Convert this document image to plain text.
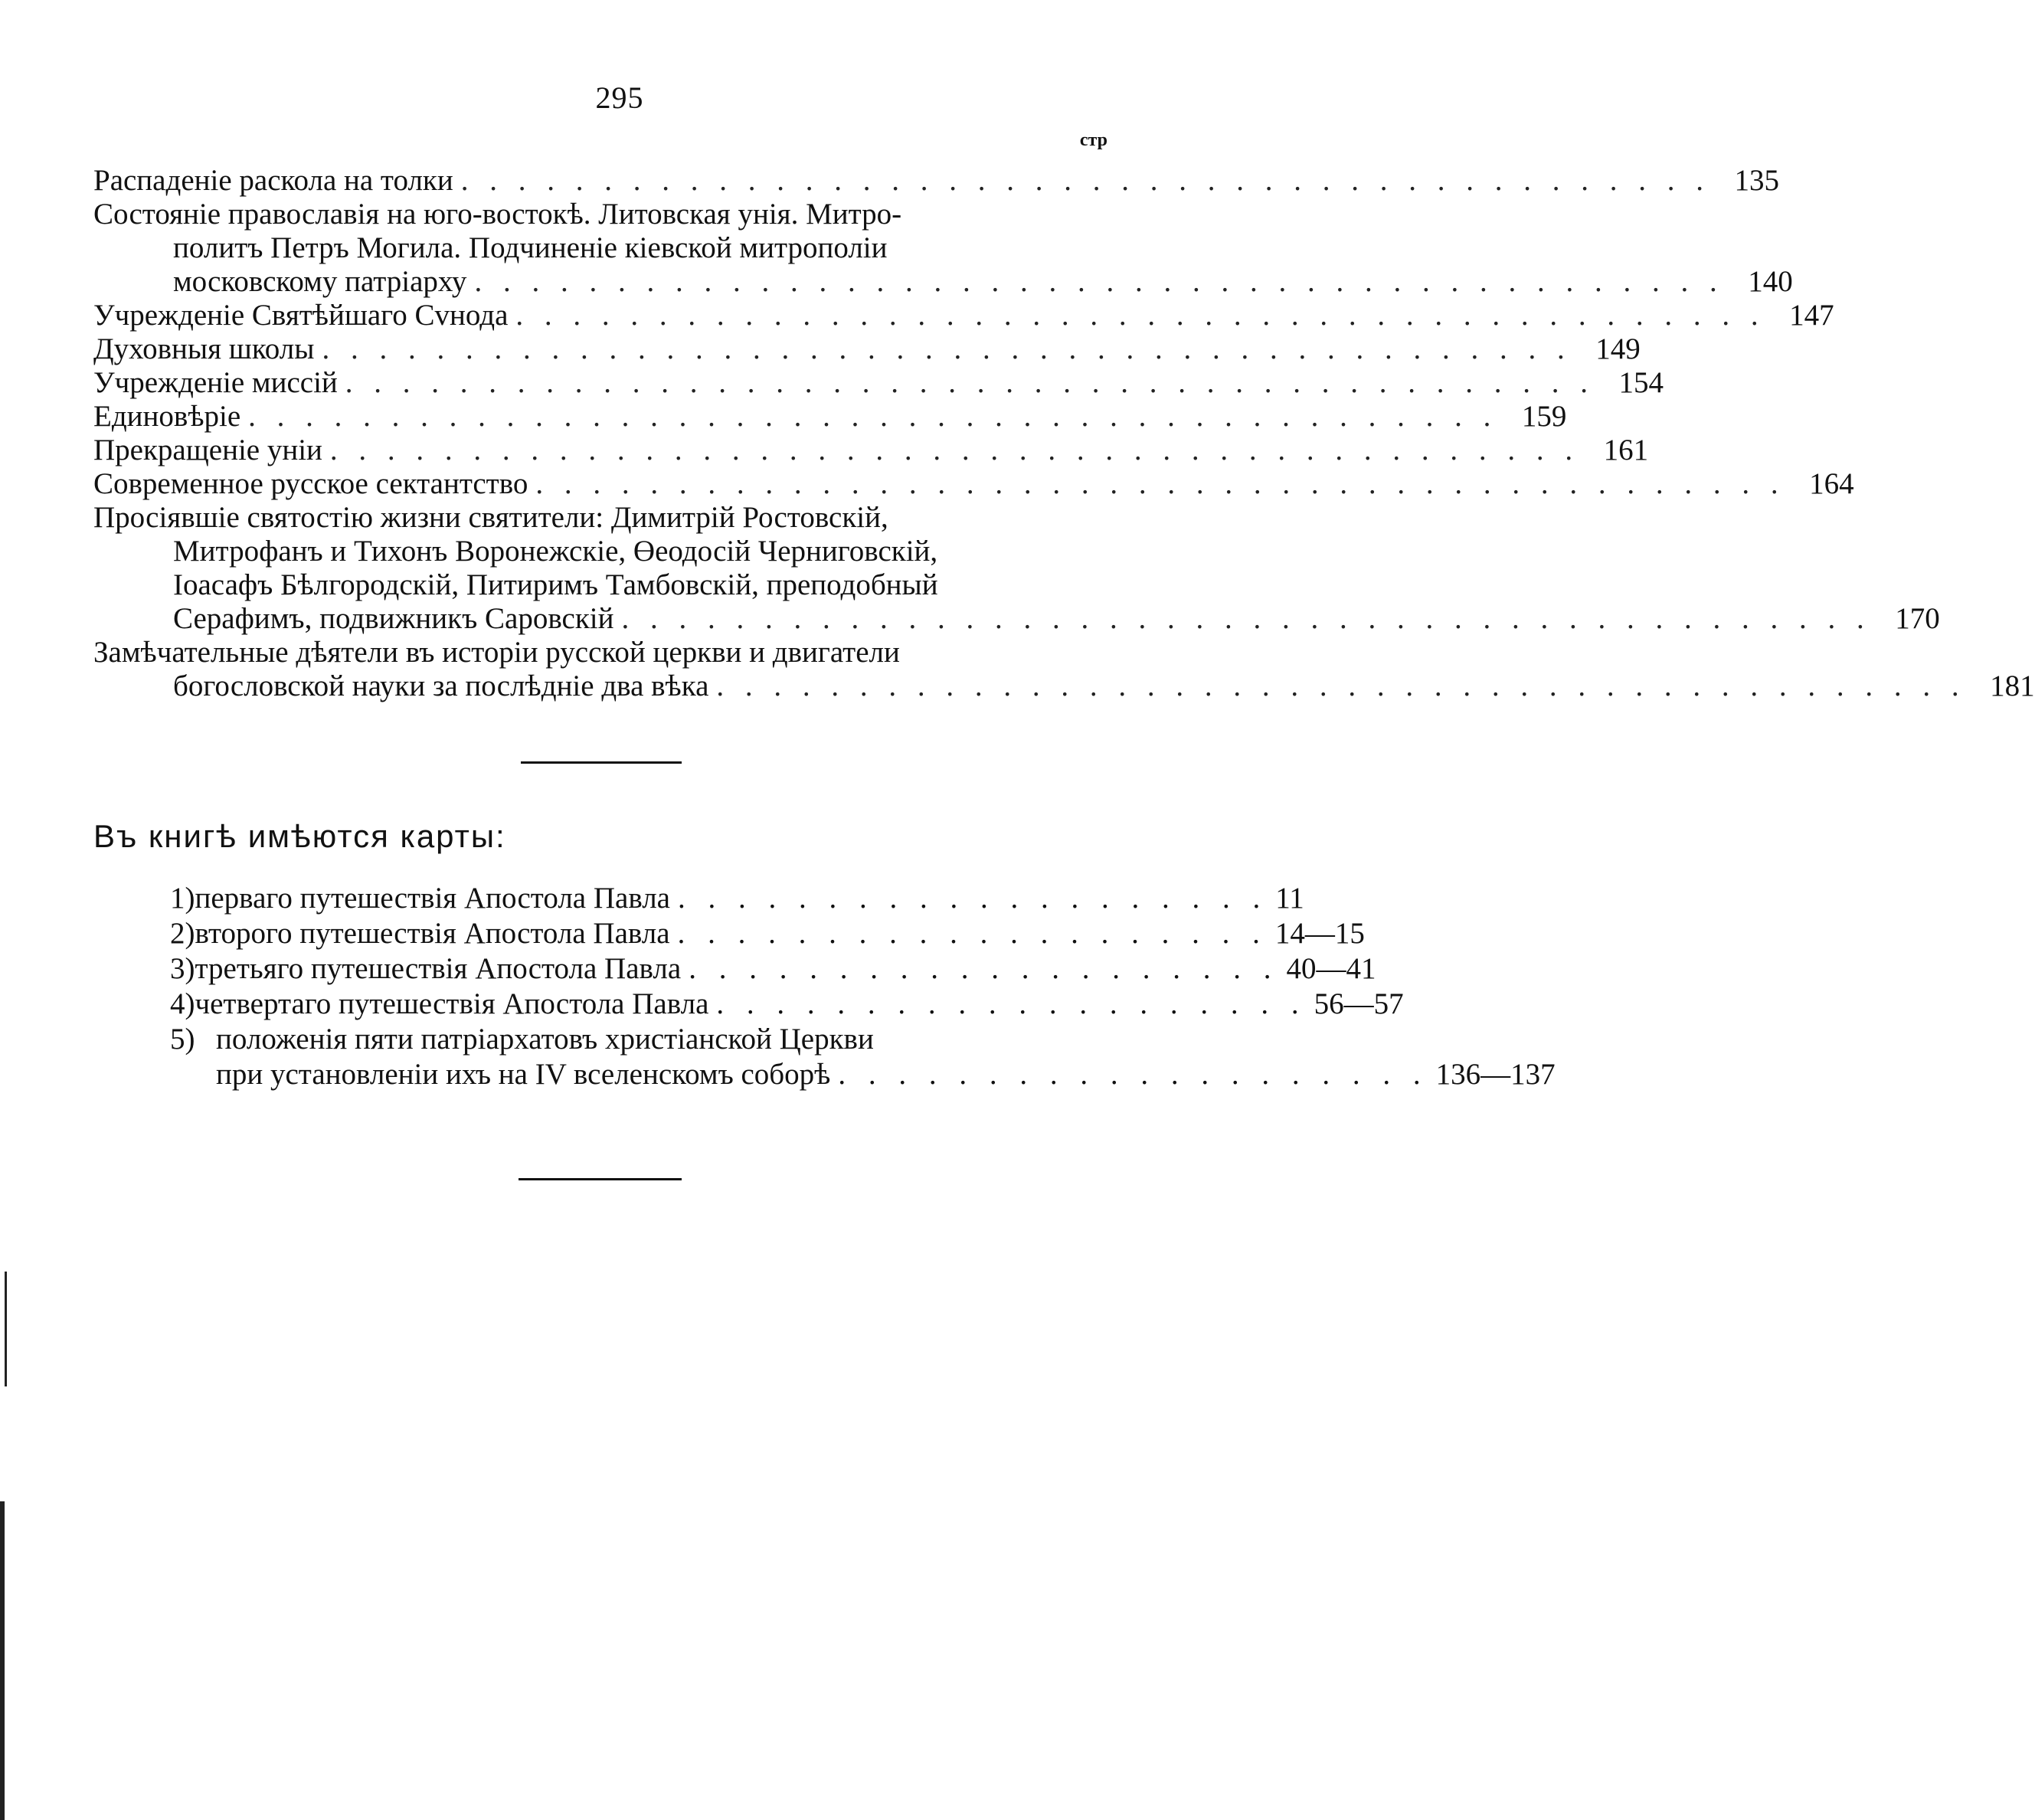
295
стр
Распаденіе раскола на толки . . . . . . . . . . . . . . . . . . . . . . . . . . . . . . . . . . . . . . . . . . . . 135
Состояніе православія на юго-востокѣ. Литовская унія. Митро-
политъ Петръ Могила. Подчиненіе кіевской митрополіи
московскому патріарху . . . . . . . . . . . . . . . . . . . . . . . . . . . . . . . . . . . . . . . . . . . . 140
Учрежденіе Святѣйшаго Сvнода . . . . . . . . . . . . . . . . . . . . . . . . . . . . . . . . . . . . . . . . . . . . 147
Духовныя школы . . . . . . . . . . . . . . . . . . . . . . . . . . . . . . . . . . . . . . . . . . . . 149
Учрежденіе миссій . . . . . . . . . . . . . . . . . . . . . . . . . . . . . . . . . . . . . . . . . . . . 154
Единовѣріе . . . . . . . . . . . . . . . . . . . . . . . . . . . . . . . . . . . . . . . . . . . . 159
Прекращеніе уніи . . . . . . . . . . . . . . . . . . . . . . . . . . . . . . . . . . . . . . . . . . . . 161
Современное русское сектантство . . . . . . . . . . . . . . . . . . . . . . . . . . . . . . . . . . . . . . . . . . . . 164
Просіявшіе святостію жизни святители: Димитрій Ростовскій,
Митрофанъ и Тихонъ Воронежскіе, Өеодосій Черниговскій,
Іоасафъ Бѣлгородскій, Питиримъ Тамбовскій, преподобный
Серафимъ, подвижникъ Саровскій . . . . . . . . . . . . . . . . . . . . . . . . . . . . . . . . . . . . . . . . . . . . 170
Замѣчательные дѣятели въ исторіи русской церкви и двигатели
богословской науки за послѣдніе два вѣка . . . . . . . . . . . . . . . . . . . . . . . . . . . . . . . . . . . . . . . . . . . . 181
Въ книгѣ имѣются карты:
1) перваго путешествія Апостола Павла . . . . . . . . . . . . . . . . . . . . 11
2) второго путешествія Апостола Павла . . . . . . . . . . . . . . . . . . . . 14—15
3) третьяго путешествія Апостола Павла . . . . . . . . . . . . . . . . . . . . 40—41
4) четвертаго путешествія Апостола Павла . . . . . . . . . . . . . . . . . . . . 56—57
5) положенія пяти патріархатовъ христіанской Церкви
при установленіи ихъ на IV вселенскомъ соборѣ . . . . . . . . . . . . . . . . . . . . 136—137
